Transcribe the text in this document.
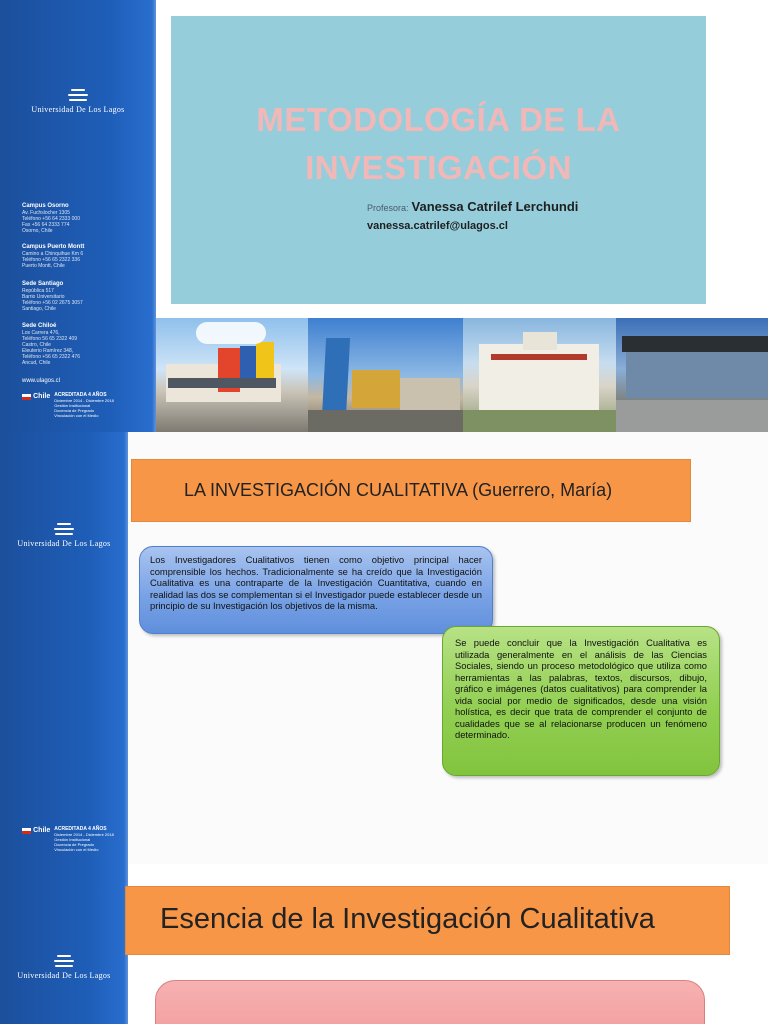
Universidad De Los Lagos
Campus Osorno
Av. Fuchslocher 1305
Teléfono +56 64 2333 000
Fax +56 64 2333 774
Osorno, Chile
Campus Puerto Montt
Camino a Chinquihue Km 6
Teléfono +56 65 2322 336
Puerto Montt, Chile
Sede Santiago
República 517
Barrio Universitario
Teléfono +56 02 2675 3057
Santiago, Chile
Sede Chiloé
Los Carrera 476,
Teléfono 56 65 2322 409
Castro, Chile
Eleuterio Ramírez 348,
Teléfono +56 65 2322 476
Ancud, Chile
www.ulagos.cl
Chile ACREDITADA 4 AÑOS
Diciembre 2014 - Diciembre 2018
Gestión Institucional
Docencia de Pregrado
Vinculación con el Medio
METODOLOGÍA DE LA
INVESTIGACIÓN
Profesora: Vanessa Catrilef Lerchundi
vanessa.catrilef@ulagos.cl
Universidad De Los Lagos
Chile ACREDITADA 4 AÑOS
Diciembre 2014 - Diciembre 2018
Gestión Institucional
Docencia de Pregrado
Vinculación con el Medio
LA INVESTIGACIÓN CUALITATIVA (Guerrero, María)
Los Investigadores Cualitativos tienen como objetivo principal hacer comprensible los hechos. Tradicionalmente se ha creído que la Investigación Cualitativa es una contraparte de la Investigación Cuantitativa, cuando en realidad las dos se complementan si el Investigador puede establecer desde un principio de su Investigación los objetivos de la misma.
Se puede concluir que la Investigación Cualitativa es utilizada generalmente en el análisis de las Ciencias Sociales, siendo un proceso metodológico que utiliza como herramientas a las palabras, textos, discursos, dibujo, gráfico e imágenes (datos cualitativos) para comprender la vida social por medio de significados, desde una visión holística, es decir que trata de comprender el conjunto de cualidades que se al relacionarse producen un fenómeno determinado.
Universidad De Los Lagos
Esencia de la Investigación Cualitativa
